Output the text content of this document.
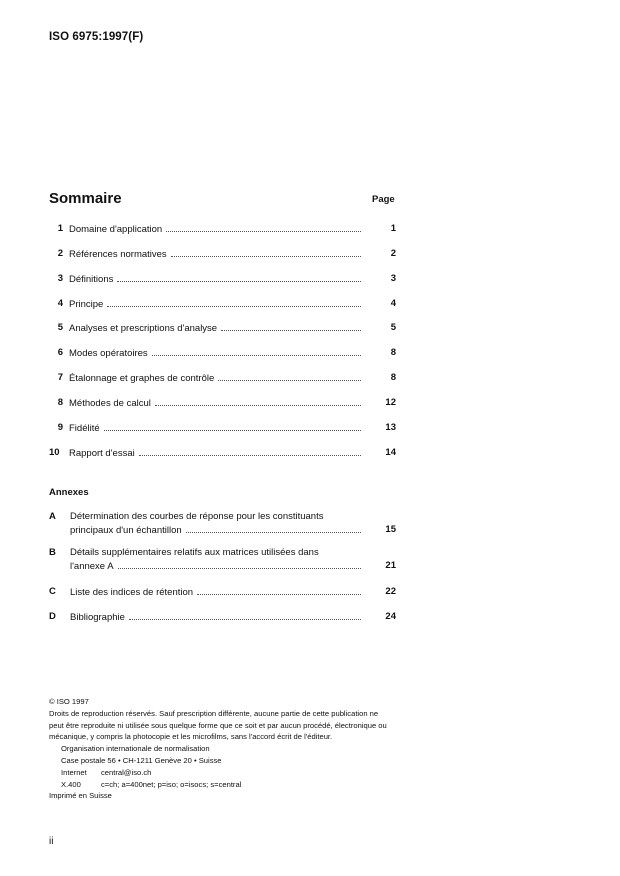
ISO 6975:1997(F)
Sommaire	Page
1 Domaine d'application	1
2 Références normatives	2
3 Définitions	3
4 Principe	4
5 Analyses et prescriptions d'analyse	5
6 Modes opératoires	8
7 Étalonnage et graphes de contrôle	8
8 Méthodes de calcul	12
9 Fidélité	13
10 Rapport d'essai	14
Annexes
A Détermination des courbes de réponse pour les constituants
principaux d'un échantillon	15
B Détails supplémentaires relatifs aux matrices utilisées dans
l'annexe A	21
C Liste des indices de rétention	22
D Bibliographie	24

© ISO 1997

Droits de reproduction réservés. Sauf prescription différente, aucune partie de cette publication ne peut être reproduite ni utilisée sous quelque forme que ce soit et par aucun procédé, électronique ou mécanique, y compris la photocopie et les microfilms, sans l'accord écrit de l'éditeur.

Organisation internationale de normalisation
Case postale 56 • CH-1211 Genève 20 • Suisse
Internet central@iso.ch
X.400	c=ch; a=400net; p=iso; o=isocs; s=central

Imprimé en Suisse

ii
